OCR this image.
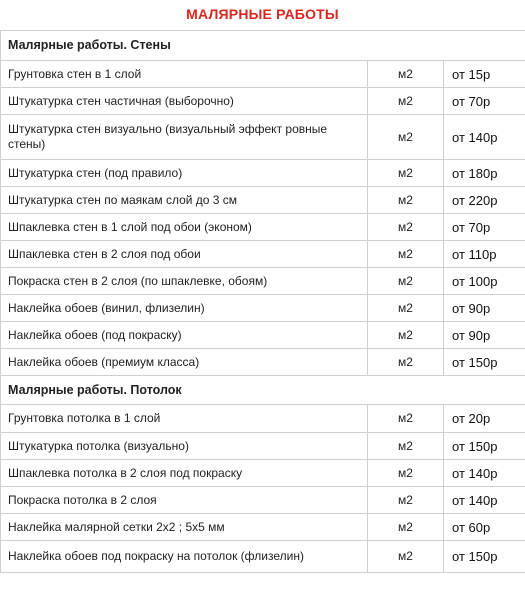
МАЛЯРНЫЕ РАБОТЫ
Малярные работы. Стены		
Грунтовка стен в 1 слой	м2	от 15р
Штукатурка стен частичная (выборочно)	м2	от 70р
Штукатурка стен визуально (визуальный эффект ровные стены)	м2	от 140р
Штукатурка стен (под правило)	м2	от 180р
Штукатурка стен по маякам слой до 3 см	м2	от 220р
Шпаклевка стен в 1 слой под обои (эконом)	м2	от 70р
Шпаклевка стен в 2 слоя под обои	м2	от 110р
Покраска стен в 2 слоя (по шпаклевке, обоям)	м2	от 100р
Наклейка обоев (винил, флизелин)	м2	от 90р
Наклейка обоев (под покраску)	м2	от 90р
Наклейка обоев (премиум класса)	м2	от 150р
Малярные работы. Потолок		
Грунтовка потолка в 1 слой	м2	от 20р
Штукатурка потолка (визуально)	м2	от 150р
Шпаклевка потолка в 2 слоя под покраску	м2	от 140р
Покраска потолка в 2 слоя	м2	от 140р
Наклейка малярной сетки 2х2 ; 5х5 мм	м2	от 60р
Наклейка обоев под покраску на потолок (флизелин)	м2	от 150р
